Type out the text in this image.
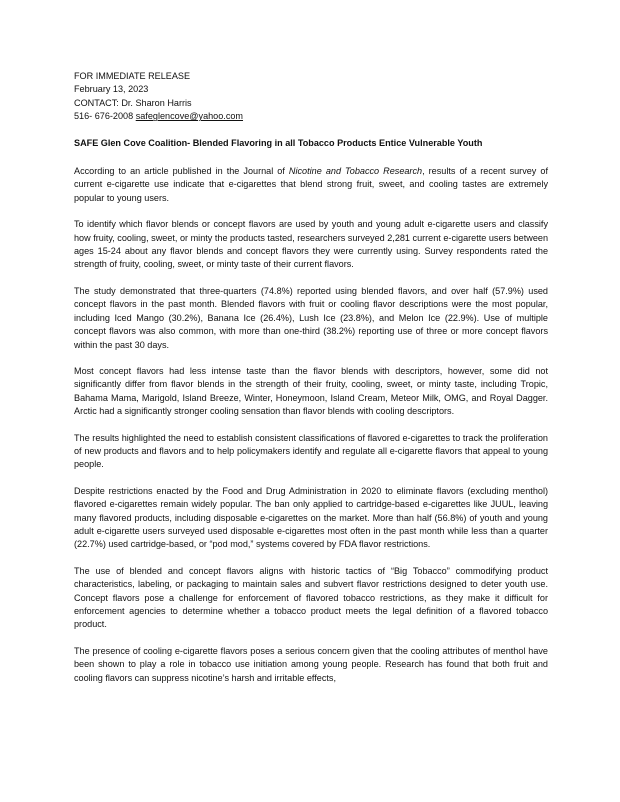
FOR IMMEDIATE RELEASE
February 13, 2023
CONTACT: Dr. Sharon Harris
516- 676-2008 safeglencove@yahoo.com
SAFE Glen Cove Coalition- Blended Flavoring in all Tobacco Products Entice Vulnerable Youth

According to an article published in the Journal of Nicotine and Tobacco Research, results of a recent survey of current e-cigarette use indicate that e-cigarettes that blend strong fruit, sweet, and cooling tastes are extremely popular to young users.

To identify which flavor blends or concept flavors are used by youth and young adult e-cigarette users and classify how fruity, cooling, sweet, or minty the products tasted, researchers surveyed 2,281 current e-cigarette users between ages 15-24 about any flavor blends and concept flavors they were currently using. Survey respondents rated the strength of fruity, cooling, sweet, or minty taste of their current flavors.

The study demonstrated that three-quarters (74.8%) reported using blended flavors, and over half (57.9%) used concept flavors in the past month. Blended flavors with fruit or cooling flavor descriptions were the most popular, including Iced Mango (30.2%), Banana Ice (26.4%), Lush Ice (23.8%), and Melon Ice (22.9%). Use of multiple concept flavors was also common, with more than one-third (38.2%) reporting use of three or more concept flavors within the past 30 days.

Most concept flavors had less intense taste than the flavor blends with descriptors, however, some did not significantly differ from flavor blends in the strength of their fruity, cooling, sweet, or minty taste, including Tropic, Bahama Mama, Marigold, Island Breeze, Winter, Honeymoon, Island Cream, Meteor Milk, OMG, and Royal Dagger. Arctic had a significantly stronger cooling sensation than flavor blends with cooling descriptors.

The results highlighted the need to establish consistent classifications of flavored e-cigarettes to track the proliferation of new products and flavors and to help policymakers identify and regulate all e-cigarette flavors that appeal to young people.

Despite restrictions enacted by the Food and Drug Administration in 2020 to eliminate flavors (excluding menthol) flavored e-cigarettes remain widely popular. The ban only applied to cartridge-based e-cigarettes like JUUL, leaving many flavored products, including disposable e-cigarettes on the market. More than half (56.8%) of youth and young adult e-cigarette users surveyed used disposable e-cigarettes most often in the past month while less than a quarter (22.7%) used cartridge-based, or “pod mod,” systems covered by FDA flavor restrictions.

The use of blended and concept flavors aligns with historic tactics of “Big Tobacco” commodifying product characteristics, labeling, or packaging to maintain sales and subvert flavor restrictions designed to deter youth use. Concept flavors pose a challenge for enforcement of flavored tobacco restrictions, as they make it difficult for enforcement agencies to determine whether a tobacco product meets the legal definition of a flavored tobacco product.

The presence of cooling e-cigarette flavors poses a serious concern given that the cooling attributes of menthol have been shown to play a role in tobacco use initiation among young people. Research has found that both fruit and cooling flavors can suppress nicotine’s harsh and irritable effects,
